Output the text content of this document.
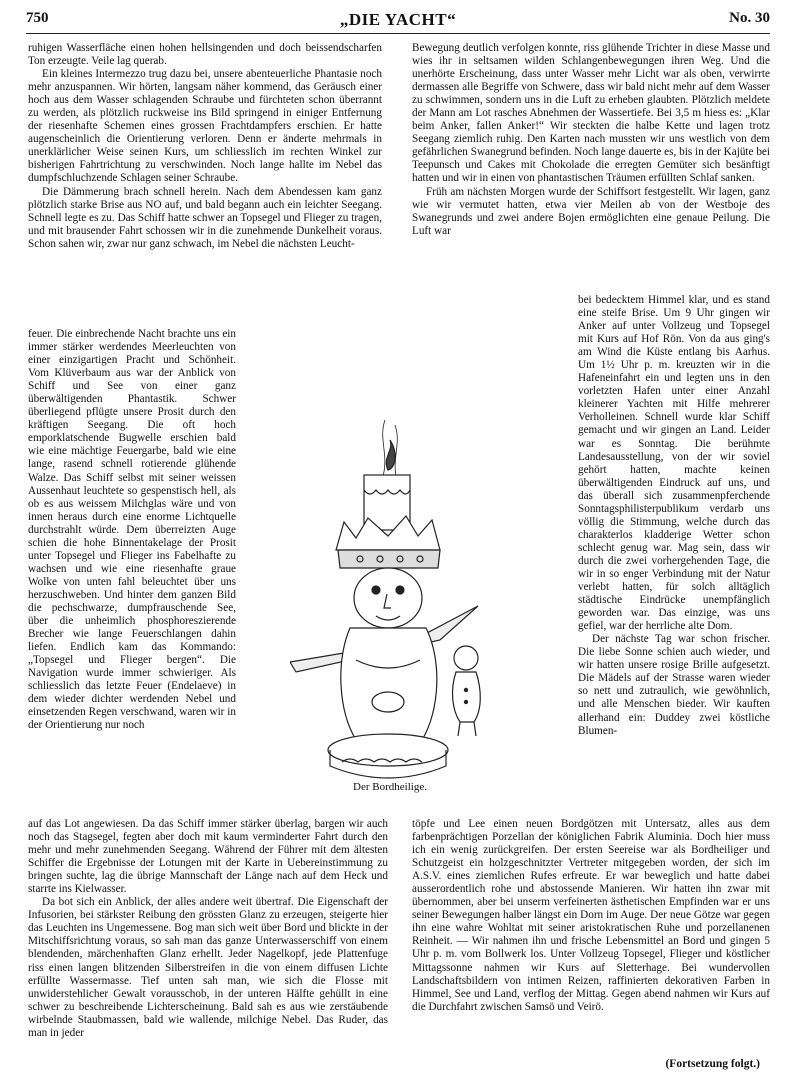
750	„DIE YACHT“	No. 30

ruhigen Wasserfläche einen hohen hellsingenden und doch beissendscharfen Ton erzeugte. Veile lag querab.

Ein kleines Intermezzo trug dazu bei, unsere abenteuerliche Phantasie noch mehr anzuspannen. Wir hörten, langsam näher kommend, das Geräusch einer hoch aus dem Wasser schlagenden Schraube und fürchteten schon überrannt zu werden, als plötzlich ruckweise ins Bild springend in einiger Entfernung der riesenhafte Schemen eines grossen Frachtdampfers erschien. Er hatte augenscheinlich die Orientierung verloren. Denn er änderte mehrmals in unerklärlicher Weise seinen Kurs, um schliesslich im rechten Winkel zur bisherigen Fahrtrichtung zu verschwinden. Noch lange hallte im Nebel das dumpfschluchzende Schlagen seiner Schraube.

Die Dämmerung brach schnell herein. Nach dem Abendessen kam ganz plötzlich starke Brise aus NO auf, und bald begann auch ein leichter Seegang. Schnell legte es zu. Das Schiff hatte schwer an Topsegel und Flieger zu tragen, und mit brausender Fahrt schossen wir in die zunehmende Dunkelheit voraus. Schon sahen wir, zwar nur ganz schwach, im Nebel die nächsten Leucht-

feuer. Die einbrechende Nacht brachte uns ein immer stärker werdendes Meerleuchten von einer einzigartigen Pracht und Schönheit. Vom Klüverbaum aus war der Anblick von Schiff und See von einer ganz überwältigenden Phantastik. Schwer überliegend pflügte unsere Prosit durch den kräftigen Seegang. Die oft hoch emporklatschende Bugwelle erschien bald wie eine mächtige Feuergarbe, bald wie eine lange, rasend schnell rotierende glühende Walze. Das Schiff selbst mit seiner weissen Aussenhaut leuchtete so gespenstisch hell, als ob es aus weissem Milchglas wäre und von innen heraus durch eine enorme Lichtquelle durchstrahlt würde. Dem überreizten Auge schien die hohe Binnentakelage der Prosit unter Topsegel und Flieger ins Fabelhafte zu wachsen und wie eine riesenhafte graue Wolke von unten fahl beleuchtet über uns herzuschweben. Und hinter dem ganzen Bild die pechschwarze, dumpfrauschende See, über die unheimlich phosphoreszierende Brecher wie lange Feuerschlangen dahin liefen. Endlich kam das Kommando: „Topsegel und Flieger bergen“. Die Navigation wurde immer schwieriger. Als schliesslich das letzte Feuer (Endelaeve) in dem wieder dichter werdenden Nebel und einsetzenden Regen verschwand, waren wir in der Orientierung nur noch

auf das Lot angewiesen. Da das Schiff immer stärker überlag, bargen wir auch noch das Stagsegel, fegten aber doch mit kaum verminderter Fahrt durch den mehr und mehr zunehmenden Seegang. Während der Führer mit dem ältesten Schiffer die Ergebnisse der Lotungen mit der Karte in Uebereinstimmung zu bringen suchte, lag die übrige Mannschaft der Länge nach auf dem Heck und starrte ins Kielwasser.

Da bot sich ein Anblick, der alles andere weit übertraf. Die Eigenschaft der Infusorien, bei stärkster Reibung den grössten Glanz zu erzeugen, steigerte hier das Leuchten ins Ungemessene. Bog man sich weit über Bord und blickte in der Mitschiffsrichtung voraus, so sah man das ganze Unterwasserschiff von einem blendenden, märchenhaften Glanz erhellt. Jeder Nagelkopf, jede Plattenfuge riss einen langen blitzenden Silberstreifen in die von einem diffusen Lichte erfüllte Wassermasse. Tief unten sah man, wie sich die Flosse mit unwiderstehlicher Gewalt vorausschob, in der unteren Hälfte gehüllt in eine schwer zu beschreibende Lichterscheinung. Bald sah es aus wie zerstäubende wirbelnde Staubmassen, bald wie wallende, milchige Nebel. Das Ruder, das man in jeder

Bewegung deutlich verfolgen konnte, riss glühende Trichter in diese Masse und wies ihr in seltsamen wilden Schlangenbewegungen ihren Weg. Und die unerhörte Erscheinung, dass unter Wasser mehr Licht war als oben, verwirrte dermassen alle Begriffe von Schwere, dass wir bald nicht mehr auf dem Wasser zu schwimmen, sondern uns in die Luft zu erheben glaubten. Plötzlich meldete der Mann am Lot rasches Abnehmen der Wassertiefe. Bei 3,5 m hiess es: „Klar beim Anker, fallen Anker!“ Wir steckten die halbe Kette und lagen trotz Seegang ziemlich ruhig. Den Karten nach mussten wir uns westlich von dem gefährlichen Swanegrund befinden. Noch lange dauerte es, bis in der Kajüte bei Teepunsch und Cakes mit Chokolade die erregten Gemüter sich besänftigt hatten und wir in einen von phantastischen Träumen erfüllten Schlaf sanken.

Früh am nächsten Morgen wurde der Schiffsort festgestellt. Wir lagen, ganz wie wir vermutet hatten, etwa vier Meilen ab von der Westboje des Swanegrunds und zwei andere Bojen ermöglichten eine genaue Peilung. Die Luft war

bei bedecktem Himmel klar, und es stand eine steife Brise. Um 9 Uhr gingen wir Anker auf unter Vollzeug und Topsegel mit Kurs auf Hof Rön. Von da aus ging's am Wind die Küste entlang bis Aarhus. Um 1½ Uhr p. m. kreuzten wir in die Hafeneinfahrt ein und legten uns in den vorletzten Hafen unter einer Anzahl kleinerer Yachten mit Hilfe mehrerer Verholleinen. Schnell wurde klar Schiff gemacht und wir gingen an Land. Leider war es Sonntag. Die berühmte Landesausstellung, von der wir soviel gehört hatten, machte keinen überwältigenden Eindruck auf uns, und das überall sich zusammenpferchende Sonntagsphilisterpublikum verdarb uns völlig die Stimmung, welche durch das charakterlos kladderige Wetter schon schlecht genug war. Mag sein, dass wir durch die zwei vorhergehenden Tage, die wir in so enger Verbindung mit der Natur verlebt hatten, für solch alltäglich städtische Eindrücke unempfänglich geworden war. Das einzige, was uns gefiel, war der herrliche alte Dom.

Der nächste Tag war schon frischer. Die liebe Sonne schien auch wieder, und wir hatten unsere rosige Brille aufgesetzt. Die Mädels auf der Strasse waren wieder so nett und zutraulich, wie gewöhnlich, und alle Menschen bieder. Wir kauften allerhand ein: Duddey zwei köstliche Blumen-

töpfe und Lee einen neuen Bordgötzen mit Untersatz, alles aus dem farbenprächtigen Porzellan der königlichen Fabrik Aluminia. Doch hier muss ich ein wenig zurückgreifen. Der ersten Seereise war als Bordheiliger und Schutzgeist ein holzgeschnitzter Vertreter mitgegeben worden, der sich im A.S.V. eines ziemlichen Rufes erfreute. Er war beweglich und hatte dabei ausserordentlich rohe und abstossende Manieren. Wir hatten ihn zwar mit übernommen, aber bei unserm verfeinerten ästhetischen Empfinden war er uns seiner Bewegungen halber längst ein Dorn im Auge. Der neue Götze war gegen ihn eine wahre Wohltat mit seiner aristokratischen Ruhe und porzellanenen Reinheit. — Wir nahmen ihn und frische Lebensmittel an Bord und gingen 5 Uhr p. m. vom Bollwerk los. Unter Vollzeug Topsegel, Flieger und köstlicher Mittagssonne nahmen wir Kurs auf Sletterhage. Bei wundervollen Landschaftsbildern von intimen Reizen, raffinierten dekorativen Farben in Himmel, See und Land, verflog der Mittag. Gegen abend nahmen wir Kurs auf die Durchfahrt zwischen Samsö und Veirö.

Der Bordheilige.
(Fortsetzung folgt.)
